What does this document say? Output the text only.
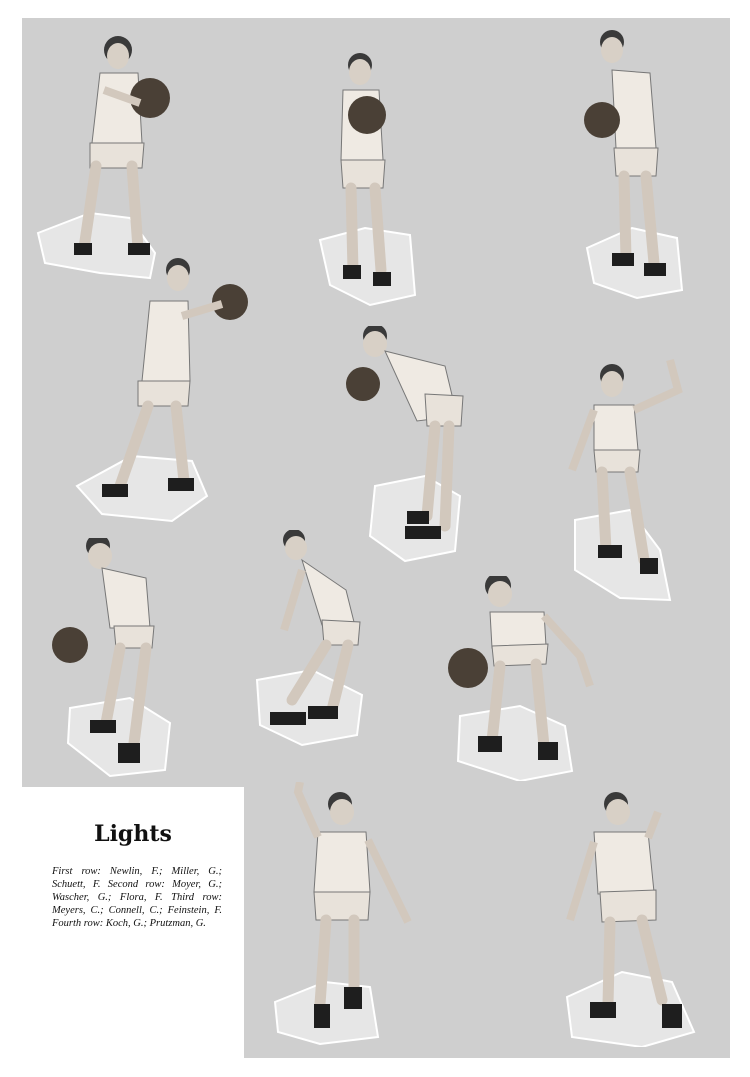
Lights

First row: Newlin, F.; Miller, G.; Schuett, F. Second row: Moyer, G.; Wascher, G.; Flora, F. Third row: Meyers, C.; Connell, C.; Feinstein, F. Fourth row: Koch, G.; Prutzman, G.
